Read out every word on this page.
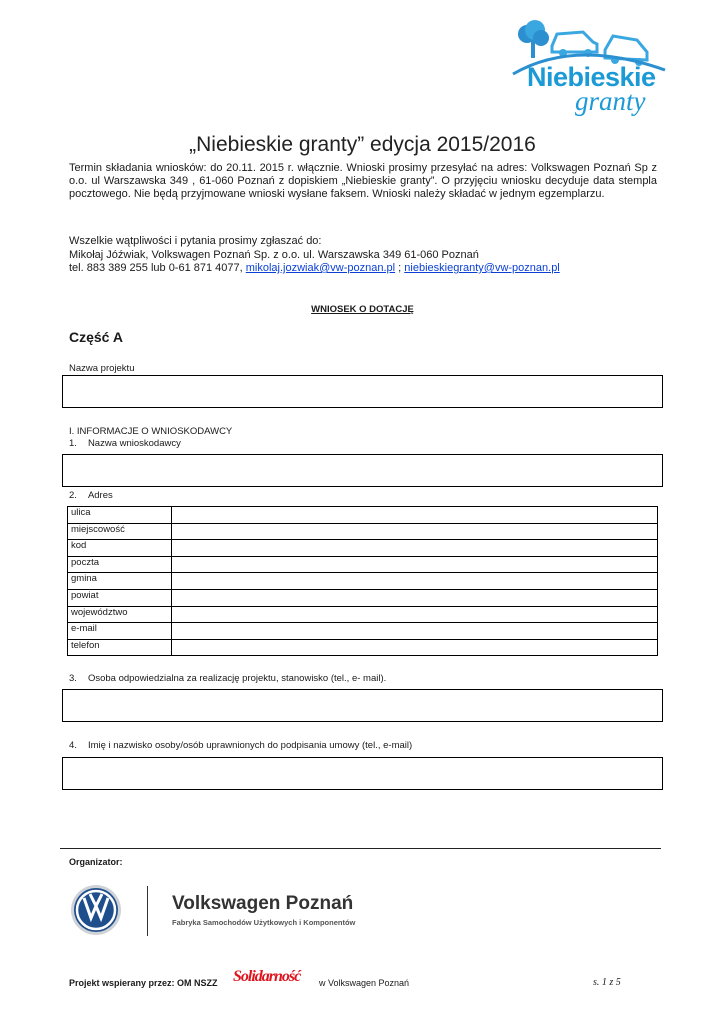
Niebieskie
granty
„Niebieskie granty” edycja 2015/2016
Termin składania wniosków: do 20.11. 2015 r. włącznie. Wnioski prosimy przesyłać na adres: Volkswagen Poznań Sp z o.o. ul Warszawska 349 , 61-060 Poznań z dopiskiem „Niebieskie granty”. O przyjęciu wniosku decyduje data stempla pocztowego. Nie będą przyjmowane wnioski wysłane faksem. Wnioski należy składać w jednym egzemplarzu.
Wszelkie wątpliwości i pytania prosimy zgłaszać do:
Mikołaj Jóźwiak, Volkswagen Poznań Sp. z o.o. ul. Warszawska 349 61-060 Poznań
tel. 883 389 255 lub 0-61 871 4077, mikolaj.jozwiak@vw-poznan.pl ; niebieskiegranty@vw-poznan.pl
WNIOSEK O DOTACJĘ
Część A
Nazwa projektu
I. INFORMACJE O WNIOSKODAWCY
1. Nazwa wnioskodawcy
2. Adres
ulica	
miejscowość	
kod	
poczta	
gmina	
powiat	
województwo	
e-mail	
telefon	
3. Osoba odpowiedzialna za realizację projektu, stanowisko (tel., e- mail).
4. Imię i nazwisko osoby/osób uprawnionych do podpisania umowy (tel., e-mail)
Organizator:
Volkswagen Poznań
Fabryka Samochodów Użytkowych i Komponentów
Projekt wspierany przez: OM NSZZ Solidarność w Volkswagen Poznań	s. 1 z 5
